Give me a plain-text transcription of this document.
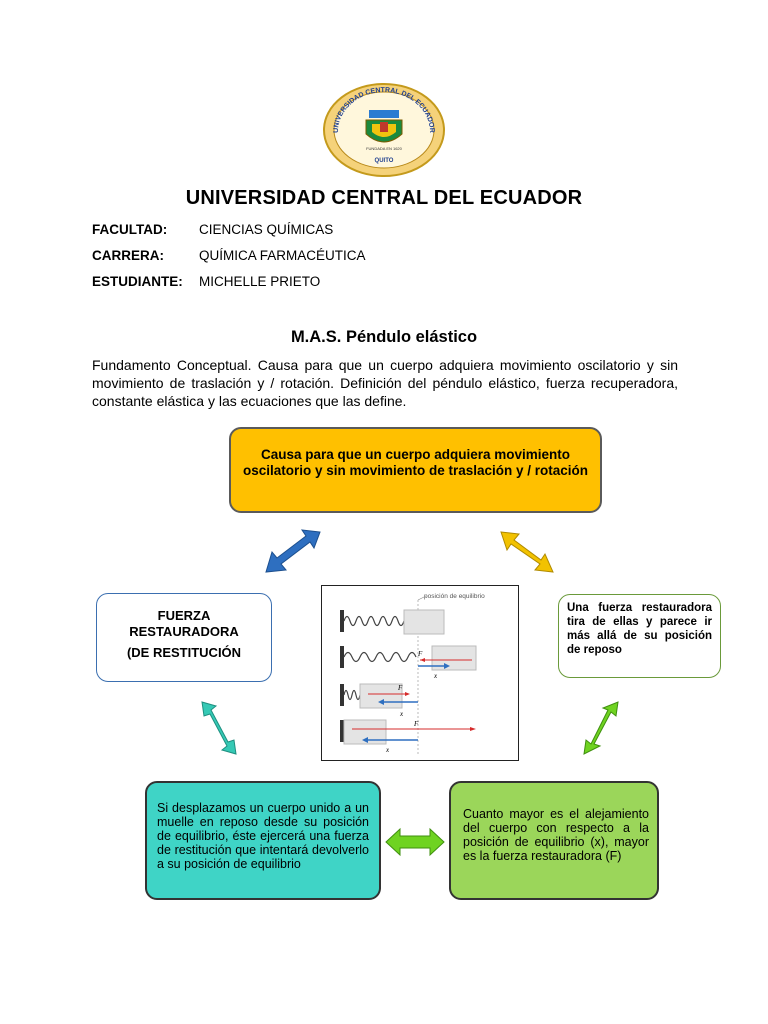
UNIVERSIDAD CENTRAL DEL ECUADOR
FUNDADA EN 1620
QUITO
UNIVERSIDAD CENTRAL DEL ECUADOR
FACULTAD: CIENCIAS QUÍMICAS
CARRERA:	QUÍMICA FARMACÉUTICA
ESTUDIANTE: MICHELLE PRIETO
M.A.S. Péndulo elástico
Fundamento Conceptual. Causa para que un cuerpo adquiera movimiento oscilatorio y sin movimiento de traslación y / rotación. Definición del péndulo elástico, fuerza recuperadora, constante elástica y las ecuaciones que las define.
Causa para que un cuerpo adquiera movimiento oscilatorio y sin movimiento de traslación y / rotación
FUERZA
RESTAURADORA
(DE RESTITUCIÓN
Una fuerza restauradora tira de ellas y parece ir más allá de su posición de reposo
Si desplazamos un cuerpo unido a un muelle en reposo desde su posición de equilibrio, éste ejercerá una fuerza de restitución que intentará devolverlo a su posición de equilibrio
Cuanto mayor es el alejamiento del cuerpo con respecto a la posición de equilibrio (x), mayor es la fuerza restauradora (F)
posición de equilibrio
F
x
F
x
F
x
